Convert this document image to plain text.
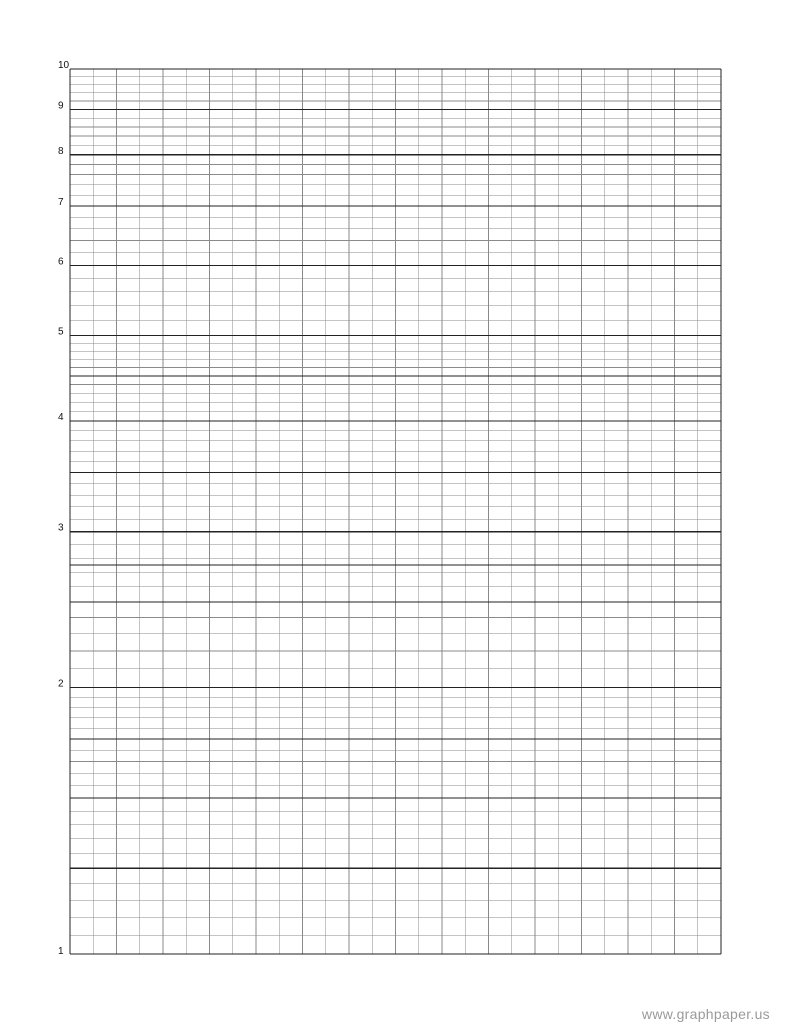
10
9
8
7
6
5
4
3
2
1
www.graphpaper.us
